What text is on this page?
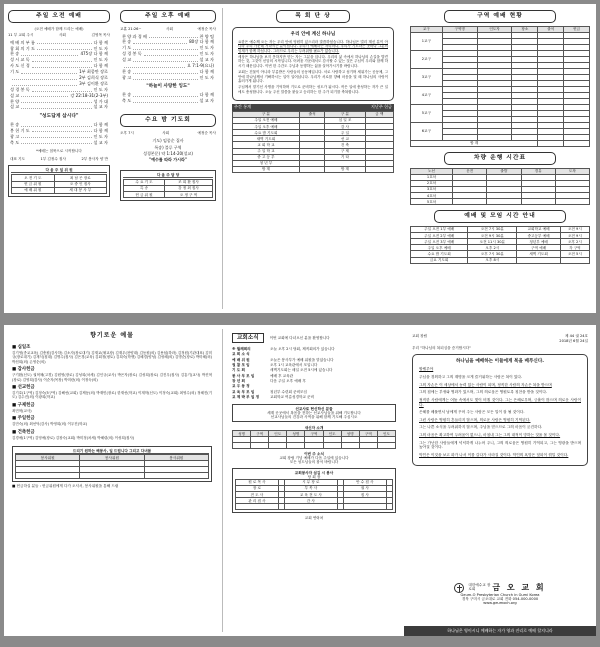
주일 오전 예배
(오전 예배가 함께 드리는 예배)
11 부 교회 주시	사회	김영목 목사
예 배 의 부 름	다 함 께
참 회 의 기 도	인 도 자
찬 송	475장 다 함 께
성 시 교 독	인 도 자
사 도 신 경	다 함 께
기 도	1부 최종만 장로
2부 김희식 장로
3부 김이환 장로
성 경 봉 독	인 도 자
설 교	강 22:18-31(2-3부)
찬 양	성 가 대
설 교	설 교 자
"성도답게 삽시다"
찬 송	다 함 께
봉 헌 기 도	다 함 께
광 고	인 도 자
축 도	설 교 자
*예배는 침묵으로 시작합니다
대표 기도	1부 김정수 집사	2부 봉사자 양 반
다 음 주 일 위 원
오 전 기 도	최 남 곤 장로
헌 금 위 원	오 중 인 집사
예 배 위 원	세 대 봉 사 부
주일 오후 예배
교훈 21:26~	사회	예정순 목사
찬 양 과 경 배	찬 양 팀
찬 송	80장 다 함 께
기 도	인 도 자
성 경 봉 독	인 도 자
설 교	설 교 자
요 7:1-9(요나)
찬 송	다 함 께
광 고	인 도 자
"하늘이 사랑한 잉도"
찬 송	다 함 께
축 도	설 교 자
수요 밤 기도회
오후 7시	사회	예정순 목사
기도) 임종순 집사
특송) 블루 구역
성경본문) 약 1:14-20(설교)
"예수를 따라 가시라"
다 음 주 담 당
수 요 기 도	조 희 환 집사
특 송	강 정 최 집사
헌 금 위 원	오 정 구 역
목 회 단 상
우리 안에 계신 하나님
요한은 예수께 오는 자는 우리 안에 영원히 있으리라 말씀하셨습니다. 하나님은 멀리 계신 분이 아니라 우리 가운데 거하시는 분이십니다. 우리가 예배하는 자리마다, 우리가 기도하는 곳마다 그분의 임재가 함께 하십니다. 그러므로 우리는 두려워할 필요가 없습니다.
세상은 하나님을 보지 못하지만 믿는 자는 그분을 압니다. 우리의 삶 속에서 하나님의 손길을 발견하는 것, 그것이 신앙의 시작입니다. 어려움 가운데서도 감사할 수 있는 것은 주님이 우리와 함께 하시기 때문입니다. 이번 한 주간도 주님과 동행하는 삶을 살아가시기를 바랍니다.
교회는 건물이 아니라 부름받은 사람들의 공동체입니다. 서로 사랑하고 섬기며 세워가는 공동체, 그 안에 하나님께서 기뻐하시는 일이 일어납니다. 우리가 서로를 향해 마음을 열 때 하나님의 사랑이 흘러가게 됩니다.
주님께서 맡기신 사명을 기억하며 기도로 준비하는 성도가 됩시다. 작은 일에 충성하는 자가 큰 일에도 충성합니다. 오늘 주신 말씀을 붙들고 승리하는 한 주가 되기를 축복합니다.
주간 통계	지난주 헌금
구 분	출석	구 분	금 액
주일 오전 예배		십 일 조	
주일 오후 예배		감 사	
수요 밤 기도회		주 일	
새벽 기도회		선 교	
교 회 학 교		건 축	
주 일 학 교		구 제	
중 고 등 부		기 타	
청 년 부			
합 계		합 계	
구역 예배 현황
교구	구역명	인도자	장소	출석	헌금
1교구					

2교구					

3교구					

4교구					

5교구					

6교구					

합 계					
차량 운행 시간표
노선	운전	출발	경유	도착
1호차				
2호차				
3호차				
4호차				
5호차				
예배 및 모임 시간 안내
주일 오전 1부 예배	오전 7시 30분	교회학교 예배	오전 9시
주일 오전 2부 예배	오전 9시 30분	중고등부 예배	오전 9시
주일 오전 3부 예배	오전 11시 30분	청년부 예배	오후 2시
주일 오후 예배	오후 2시	구역 예배	각 구역
수요 밤 기도회	오후 7시 30분	새벽 기도회	오전 5시
금요 기도회	오후 8시		
향기로운 예물
■ 십일조
김기영(종교교육) 김충원(감사하) 김소자(장로대기) 김재교(채교장) 김재우(찬양대) 김동원(외) 김용섭(하라) 김정원(기관대표) 김미규(장로대기) 김재식(집대) 김명수(집사) 김은경(교육) 김회정(평토) 김희숙(학생) 김혜경(양성) 김성혜(외) 김명순(장로) 박미혜(외) 박천희(외) 손영순(외)
■ 감사헌금
구기환(신도) 권혁채(고경) 김원영(장로) 김성희(차세) 김인규(교사) 박은자(장로) 김성희(장로) 김진우(집사) 김흥기(교사) 박진혁(장로) 김영희(감사) 이순자(목장) 박미란(외) 이정숙(외)
■ 선교헌금
김기호(1구역) 김정숙(5구역) 김해선(교회) 김제동(외) 박재민(장로) 한재선(학교) 이재학(신도) 이정숙(교회) 최영수(외) 정혜진(기도) 김수진(외) 이광희(학교)
■ 구제헌금
최민혁(교사)
■ 주일헌금
김민숙(외) 최선덕(감사) 박영희(외) 이우진(학교)
■ 건축헌금
김경애(1구역) 김영애(장로) 김창숙(교회) 박미정(차세) 박혜령(외) 이성희(집사)
드리기 원하는 해봉사, 일 드립니다 그리고 다녀봄
봉사위원	봉사위원	봉사위원

■ 헌금하실 분들 : 헌금위원에게 다가 오셔서, 봉사위원을 통해 드림
교회소식	이번 교회에 다녀오신 분을 환영합니다
※ 월례회의	오늘 오후 2시 당회, 제직회의가 있습니다
교 회 소 식
예 배 위 원	오늘은 봉사부가 예배 위원을 맡았습니다
권 찰 모 임	오후 1시 교육관에서 모입니다
기 도 회	새벽기도회는 매일 오전 5시에 있습니다
봉 사 부 모 임	예배 후 교육관
장 년 회	다음 주일 오후 예배 후
교 우 동 정
교 육 부 모 임	청년부 수련회 준비모임
교 제 박 부 일 정	교회학교 여름성경학교 준비
선교사로 헌신하신 분들
세계 곳곳에서 복음을 전하는 선교사님들을 위해 기도합니다
선교사님들의 건강과 사역을 위해 함께 기도해 주십시오
새신자 소개
성명	구역	인도	성명	구역	인도	성명	구역	인도

이번 주 소식
교회 창립 기념 예배가 다음 주일에 있습니다
모든 성도님들의 참석 바랍니다
교회봉사자 섬김 시 봉사
당 회 장
원 로 목 사		시 무 장 로		안 수 집 사	
장 로		부 목 사		권 사	
전 도 사		교 육 전 도 사		집 사	
관 리 집 사		간 사			

교회 연락처
교회 창립	제 44 권 24호
2018년 6월 24일
우리 "하나님의 복되심을 증거합시다"
하나님을 예배하는 이들에게 복을 베푸신다.
할렐루야
주님을 경외하고 그의 계명을 크게 즐거워하는 사람은 복이 있다.
그의 자손은 이 세상에서 능력 있는 사람이 되며, 정직한 사람의 자손은 복을 받으며
그의 집에는 부귀와 영화가 있으며, 그의 의로움은 영원토록 칭찬을 받을 것이다.
정직한 사람에게는 어둠 속에서도 빛이 비칠 것이다. 그는 은혜로우며, 긍휼이 많으며 의로운 사람이다.
은혜를 베풀면서 남에게 꾸어 주는 사람은 모든 일이 잘 될 것이다.
그런 사람은 영원히 흔들리지 않으며, 의로운 사람은 영원히 기억된다.
그는 나쁜 소식을 두려워하지 않으며, 주님을 믿으므로 그의 마음이 굳건하다.
그의 마음은 확고하여 두려움이 없으니, 마침내 그는 그의 대적이 망하는 것을 볼 것이다.
그는 가난한 사람들에게 넉넉하게 나누어 주니, 그의 의로움은 영원히 기억되고, 그는 영광을 받으며 높아질 것이다.
악인은 이것을 보고 화가 나서 이를 갈다가 사라질 것이다. 악인의 욕망은 헛되이 꺾일 것이다.
대한예수교 장로회	금 오 교 회
Geum-O Presbyterian Church in Gumi Korea
경북 구미시 금오대로 교회 전화 054-000-0000
www.geumoch.org
하나님은 영이시니 예배하는 자가 영과 진리로 예배 할지니라
